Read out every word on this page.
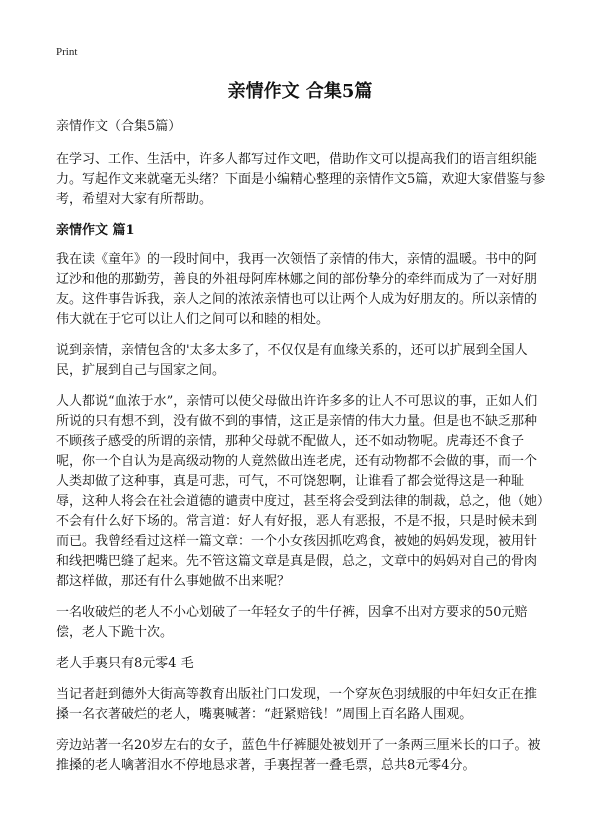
Print
亲情作文 合集5篇

亲情作文（合集5篇）

在学习、工作、生活中，许多人都写过作文吧，借助作文可以提高我们的语言组织能力。写起作文来就毫无头绪？下面是小编精心整理的亲情作文5篇，欢迎大家借鉴与参考，希望对大家有所帮助。

亲情作文 篇1

我在读《童年》的一段时间中，我再一次领悟了亲情的伟大，亲情的温暖。书中的阿辽沙和他的那勤劳，善良的外祖母阿库林娜之间的部份挚分的牵绊而成为了一对好朋友。这件事告诉我，亲人之间的浓浓亲情也可以让两个人成为好朋友的。所以亲情的伟大就在于它可以让人们之间可以和睦的相处。

说到亲情，亲情包含的'太多太多了，不仅仅是有血缘关系的，还可以扩展到全国人民，扩展到自己与国家之间。

人人都说“血浓于水”，亲情可以使父母做出许许多多的让人不可思议的事，正如人们所说的只有想不到，没有做不到的事情，这正是亲情的伟大力量。但是也不缺乏那种不顾孩子感受的所谓的亲情，那种父母就不配做人，还不如动物呢。虎毒还不食子呢，你一个自认为是高级动物的人竟然做出连老虎，还有动物都不会做的事，而一个人类却做了这种事，真是可悲，可气，不可饶恕啊，让谁看了都会觉得这是一种耻辱，这种人将会在社会道德的谴责中度过，甚至将会受到法律的制裁，总之，他（她）不会有什么好下场的。常言道：好人有好报，恶人有恶报，不是不报，只是时候未到而已。我曾经看过这样一篇文章：一个小女孩因抓吃鸡食，被她的妈妈发现，被用针和线把嘴巴缝了起来。先不管这篇文章是真是假，总之，文章中的妈妈对自己的骨肉都这样做，那还有什么事她做不出来呢？

一名收破烂的老人不小心划破了一年轻女子的牛仔裤，因拿不出对方要求的50元赔偿，老人下跪十次。

老人手裏只有8元零4 毛

当记者赶到德外大街高等教育出版社门口发现，一个穿灰色羽绒服的中年妇女正在推搡一名衣著破烂的老人，嘴裏喊著：“赶紧赔钱！”周围上百名路人围观。

旁边站著一名20岁左右的女子，蓝色牛仔裤腿处被划开了一条两三厘米长的口子。被推搡的老人噙著泪水不停地恳求著，手裏捏著一叠毛票，总共8元零4分。
